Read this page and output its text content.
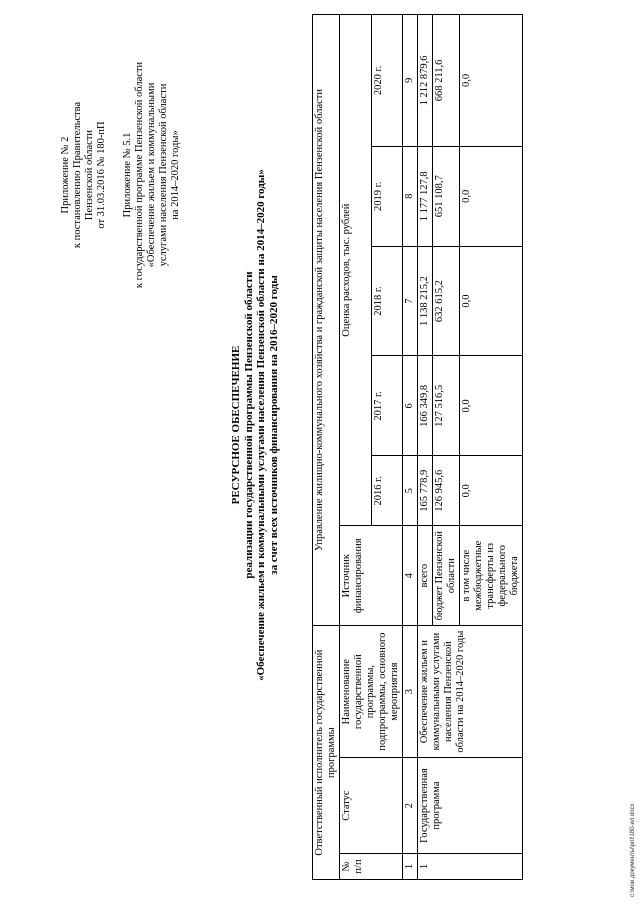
Приложение № 2 к постановлению Правительства Пензенской области от 31.03.2016 № 180-пП Приложение № 5.1 к государственной программе Пензенской области «Обеспечение жильем и коммунальными услугами населения Пензенской области на 2014–2020 годы»
РЕСУРСНОЕ ОБЕСПЕЧЕНИЕ реализации государственной программы Пензенской области «Обеспечение жильем и коммунальными услугами населения Пензенской области на 2014–2020 годы» за счет всех источников финансирования на 2016–2020 годы
Ответственный исполнитель государственной программы			Управление жилищно-коммунального хозяйства и гражданской защиты населения Пензенской области					
№ п/п	Статус	Наименование государственной программы, подпрограммы, основного мероприятия	Источник финансирования	Оценка расходов, тыс. рублей				
				2016 г.	2017 г.	2018 г.	2019 г.	2020 г.
1	2	3	4	5	6	7	8	9
1	Государственная программа	Обеспечение жильем и коммунальными услугами населения Пензенской области на 2014–2020 годы	всего	165 778,9	166 349,8	1 138 215,2	1 177 127,8	1 212 879,6
			бюджет Пензенской области	126 945,6	127 516,5	632 615,2	651 108,7	668 211,6
			в том числе межбюджетные трансферты из федерального бюджета	0,0	0,0	0,0	0,0	0,0
c:\мои документы\pril\180-ил.docx
